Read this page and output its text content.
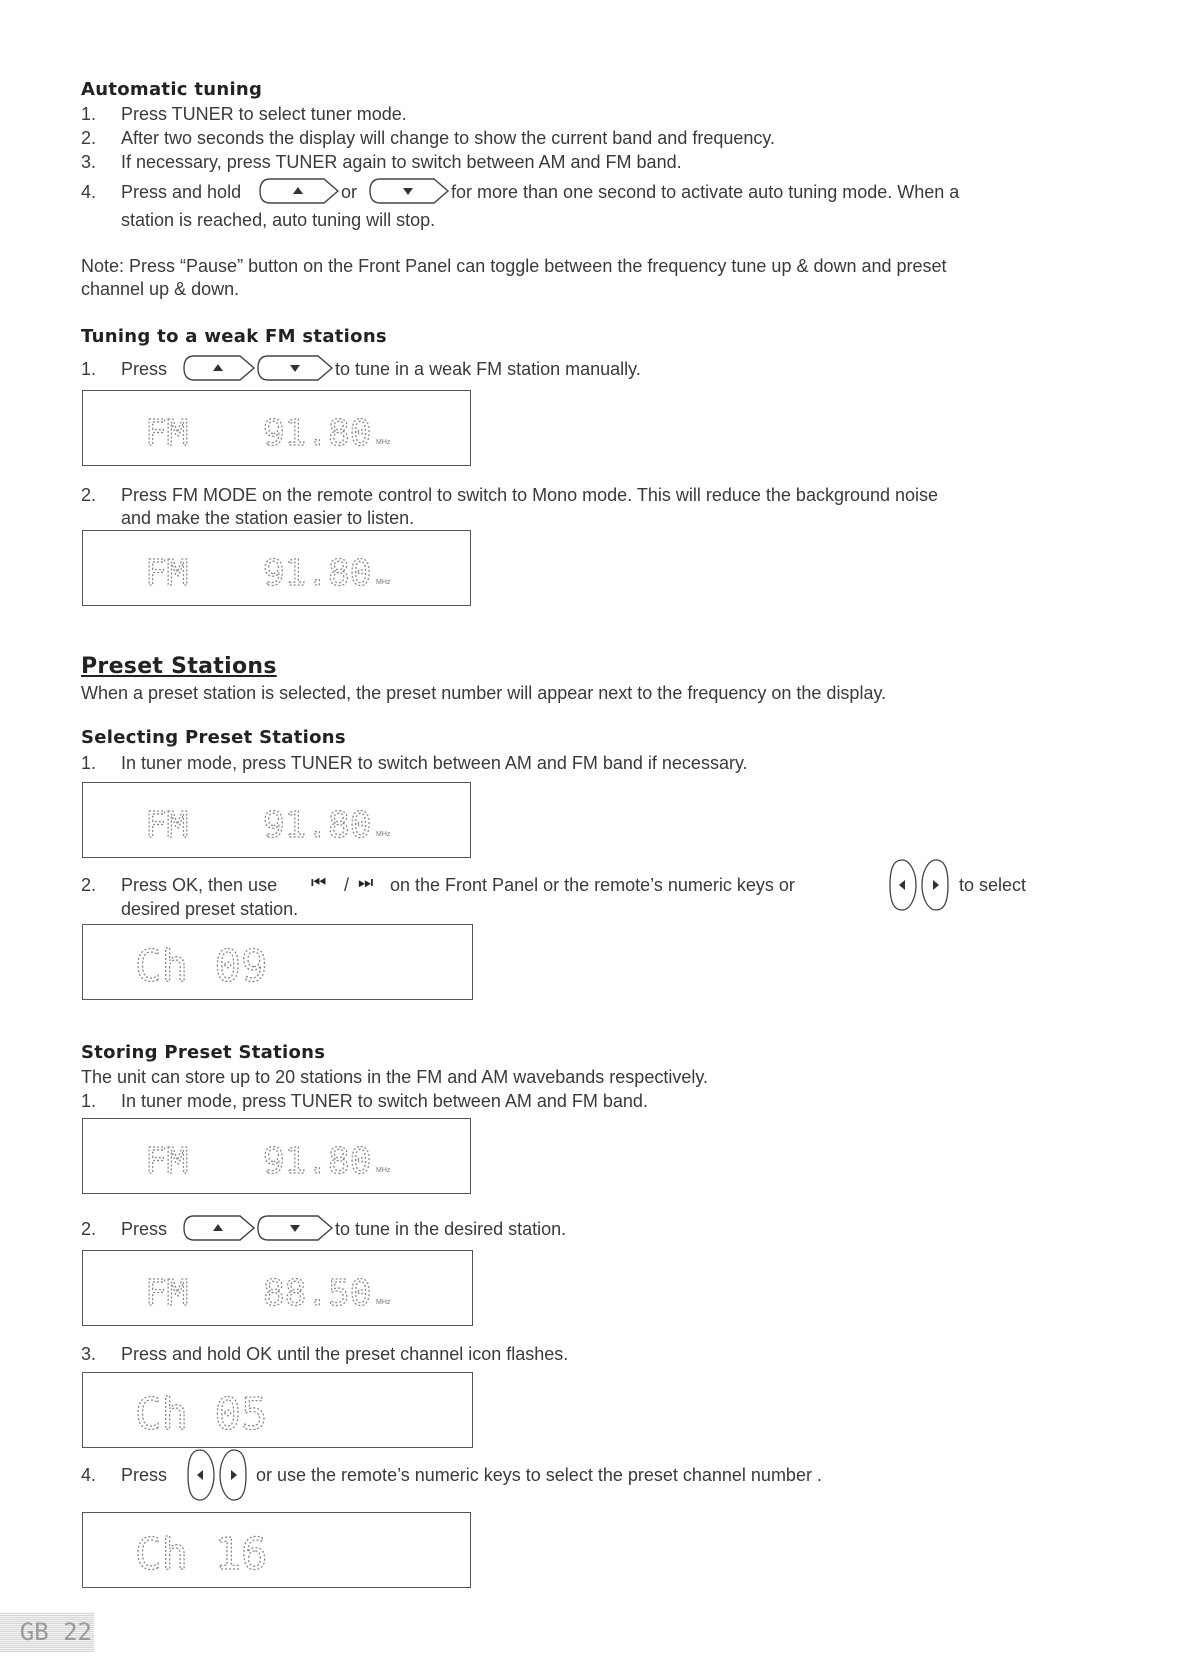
Automatic tuning
1. Press TUNER to select tuner mode.
2. After two seconds the display will change to show the current band and frequency.
3. If necessary, press TUNER again to switch between AM and FM band.
4. Press and hold	or	for more than one second to activate auto tuning mode. When a
station is reached, auto tuning will stop.
Note: Press “Pause” button on the Front Panel can toggle between the frequency tune up & down and preset
channel up & down.
Tuning to a weak FM stations
1. Press	to tune in a weak FM station manually.
FM 91.80 MHz
2. Press FM MODE on the remote control to switch to Mono mode. This will reduce the background noise
and make the station easier to listen.
FM 91.80 MHz
Preset Stations
When a preset station is selected, the preset number will appear next to the frequency on the display.
Selecting Preset Stations
1. In tuner mode, press TUNER to switch between AM and FM band if necessary.
FM 91.80 MHz
2. Press OK, then use ⏮ / ⏭ on the Front Panel or the remote’s numeric keys or	to select
desired preset station.
Ch 09
Storing Preset Stations
The unit can store up to 20 stations in the FM and AM wavebands respectively.
1. In tuner mode, press TUNER to switch between AM and FM band.
FM 91.80 MHz
2. Press	to tune in the desired station.
FM 88.50 MHz
3. Press and hold OK until the preset channel icon flashes.
Ch 05
4. Press	or use the remote’s numeric keys to select the preset channel number .
Ch 16
GB 22
